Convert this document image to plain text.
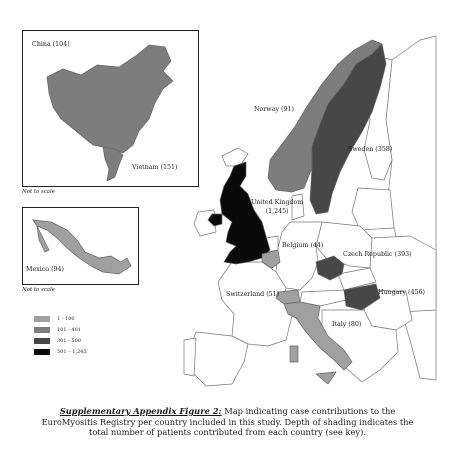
Not to scale
Not to scale
China (104)
Vietnam (151)
Mexico (94)
Norway (91)
Sweden (358)
United Kingdom
(1,245)
Belgium (44)
Czech Republic (393)
Switzerland (51)	Hungary (456)
Italy (80)
1 - 100
101 - 401
301 - 500
501 – 1,245
Supplementary Appendix Figure 2: Map indicating case contributions to the
EuroMyositis Registry per country included in this study. Depth of shading indicates the
total number of patients contributed from each country (see key).
